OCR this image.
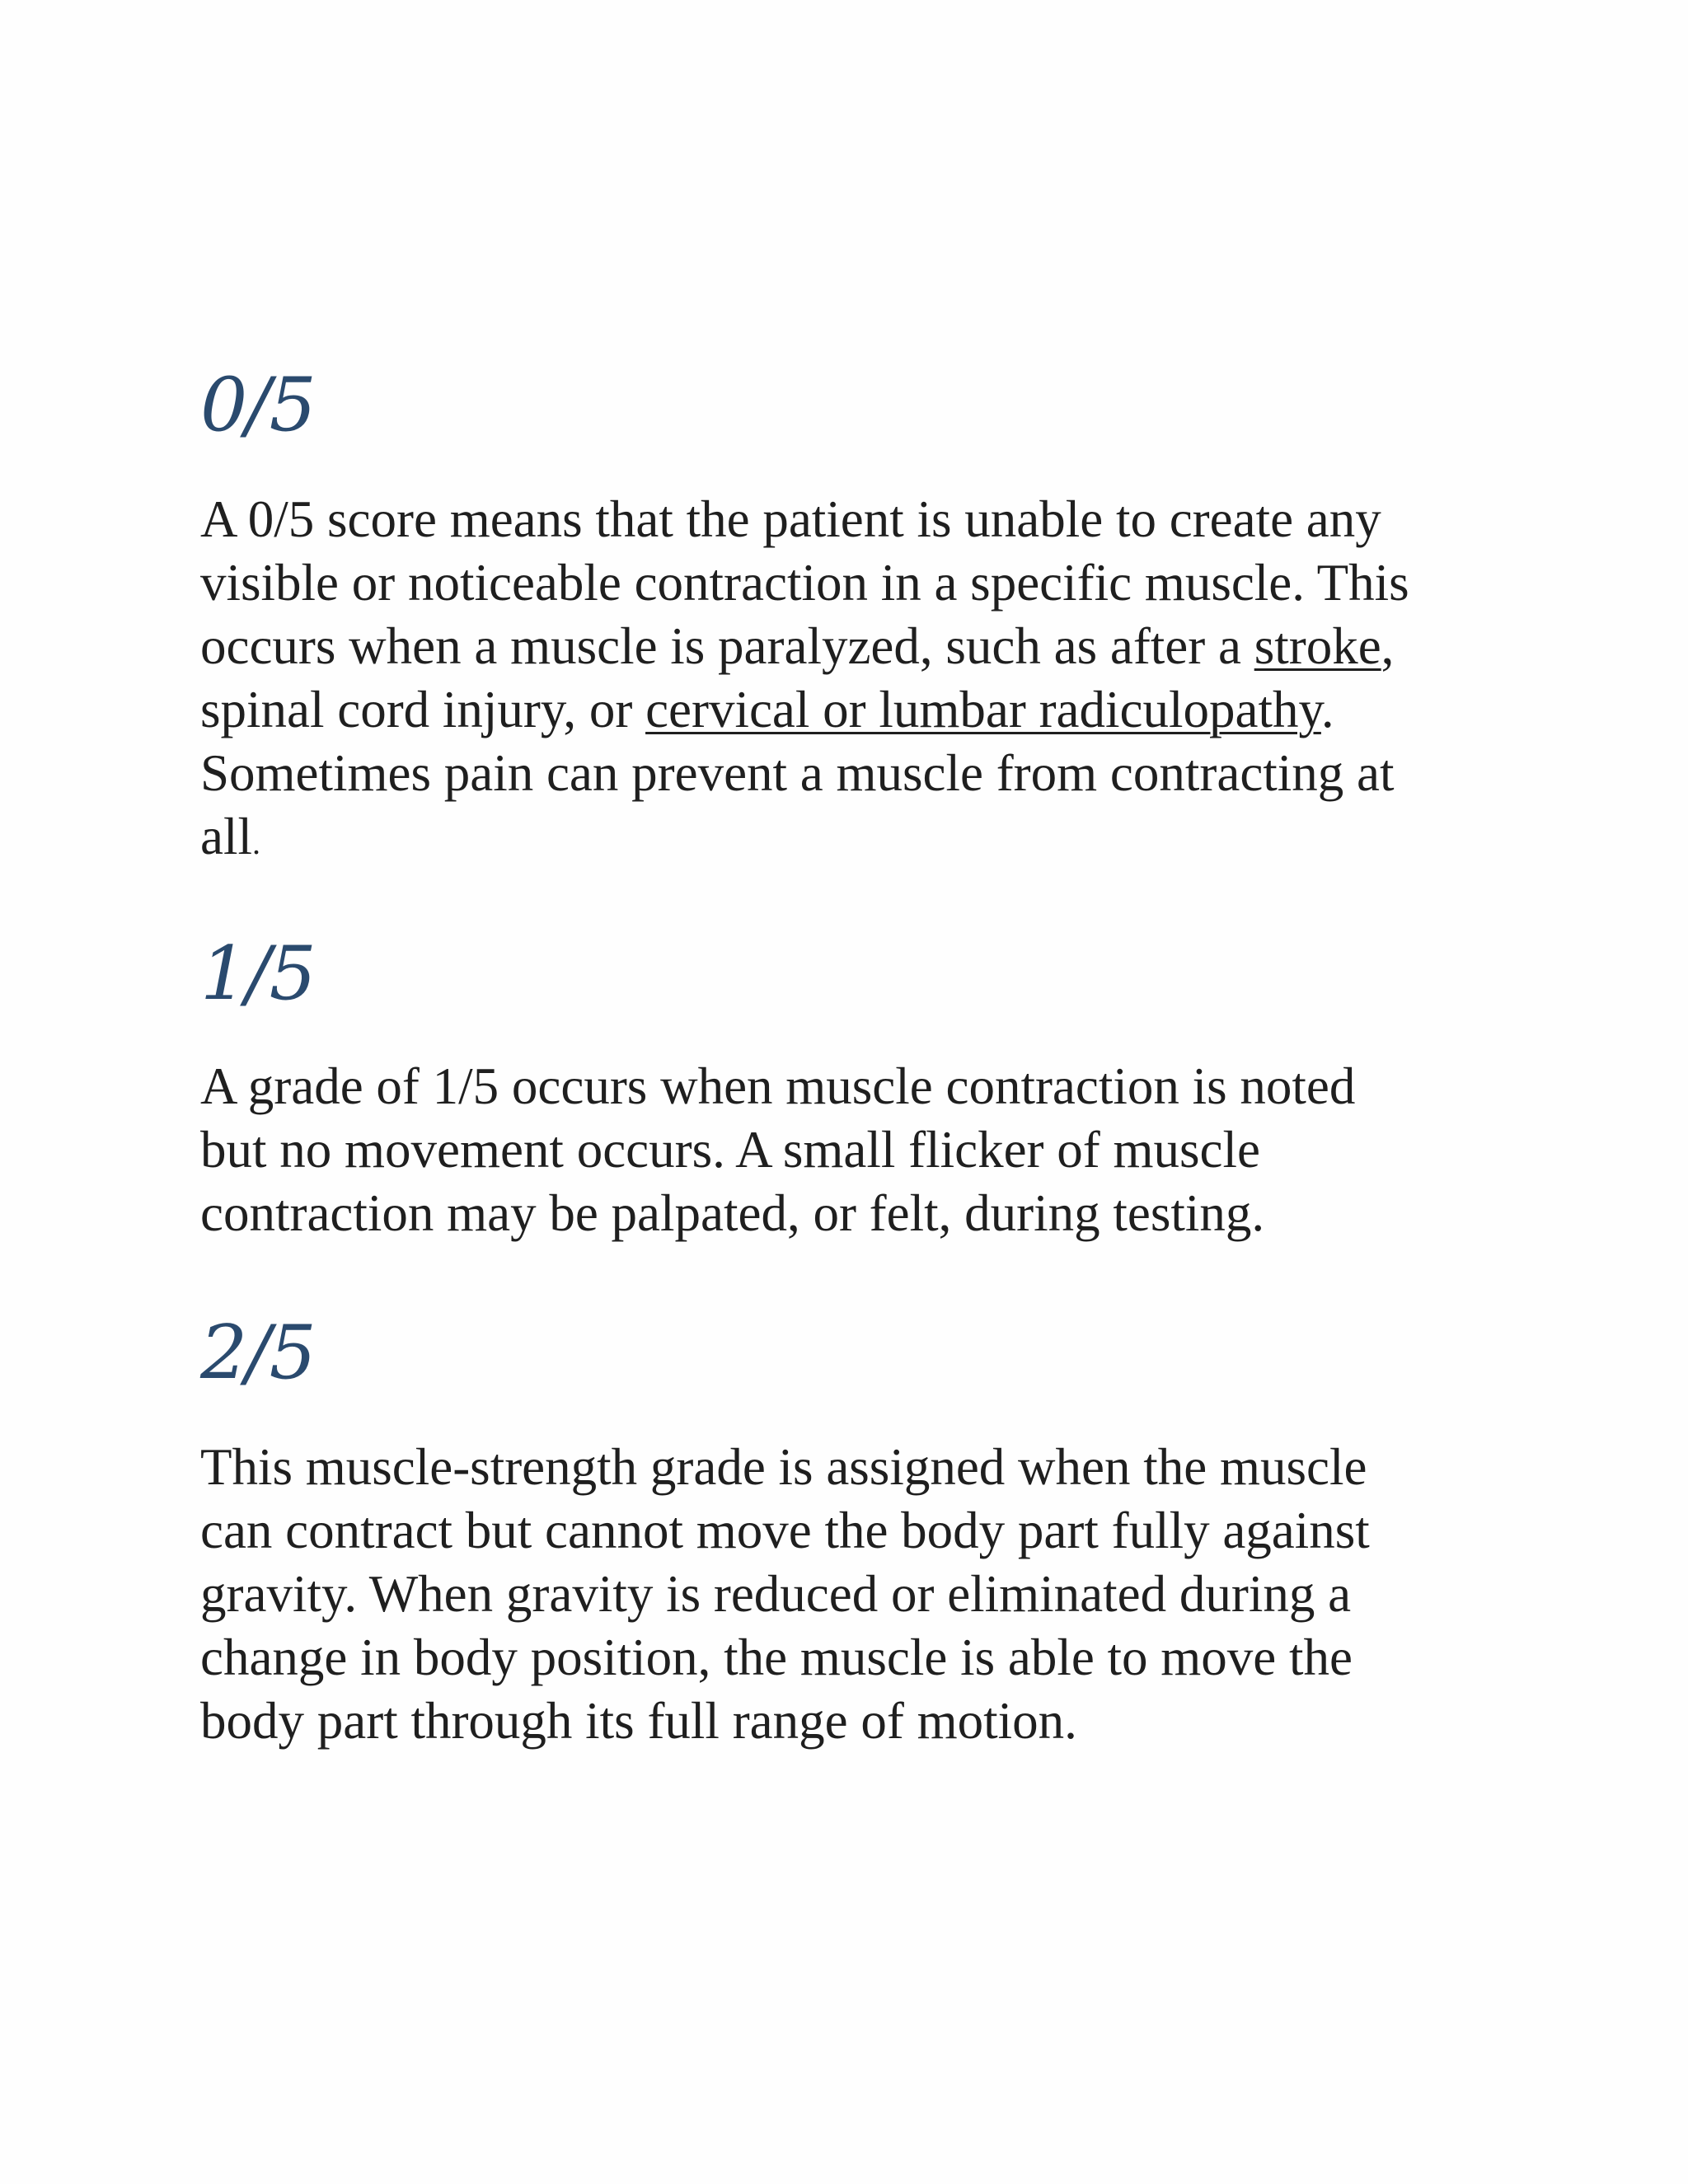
0/5
A 0/5 score means that the patient is unable to create any
visible or noticeable contraction in a specific muscle. This
occurs when a muscle is paralyzed, such as after a stroke,
spinal cord injury, or cervical or lumbar radiculopathy.
Sometimes pain can prevent a muscle from contracting at
all.
1/5
A grade of 1/5 occurs when muscle contraction is noted
but no movement occurs. A small flicker of muscle
contraction may be palpated, or felt, during testing.
2/5
This muscle-strength grade is assigned when the muscle
can contract but cannot move the body part fully against
gravity. When gravity is reduced or eliminated during a
change in body position, the muscle is able to move the
body part through its full range of motion.
